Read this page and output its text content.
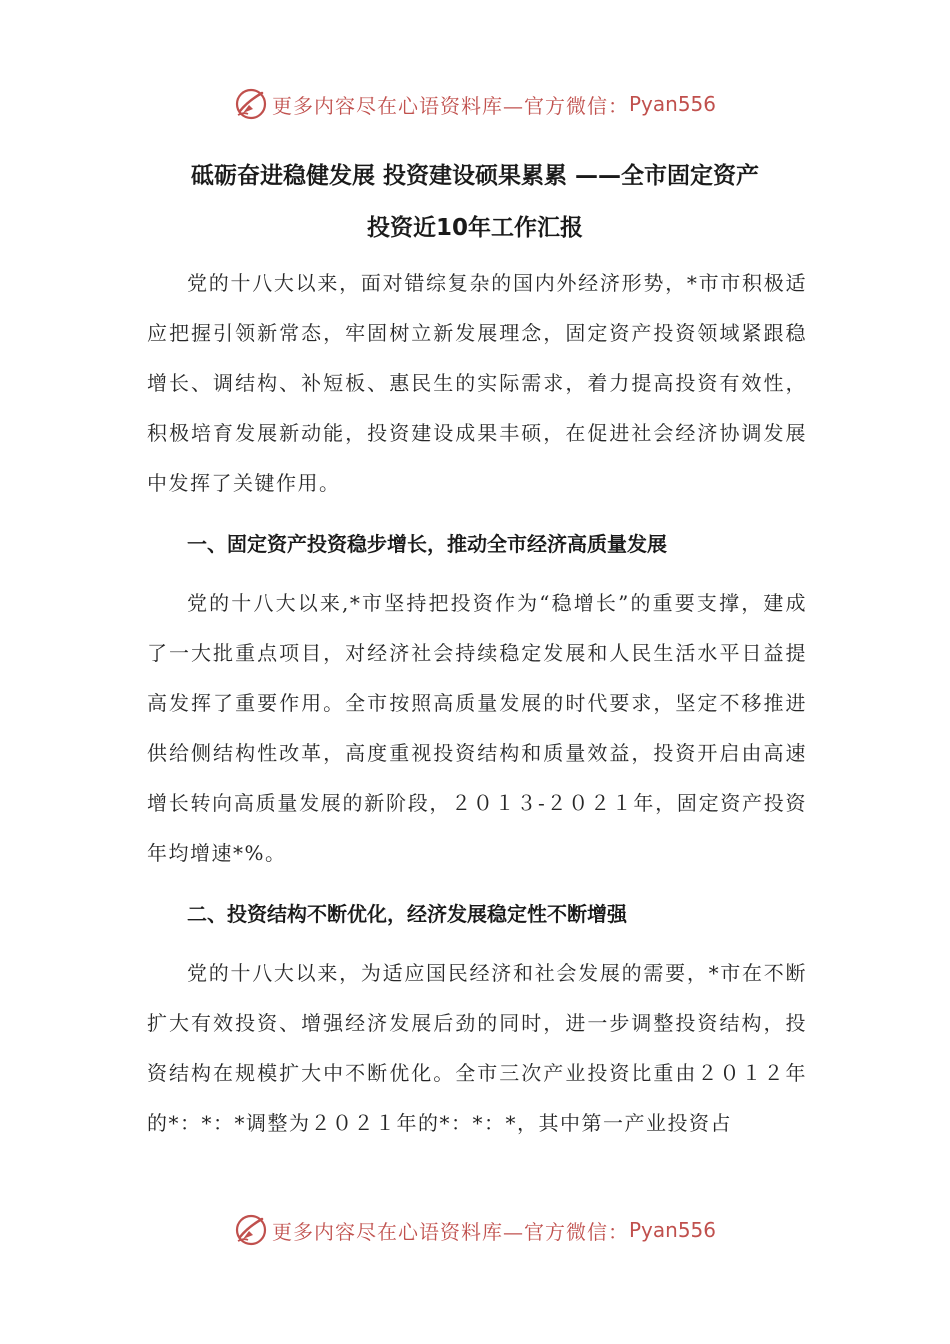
更多内容尽在心语资料库—官方微信： Pyan556
砥砺奋进稳健发展 投资建设硕果累累 ——全市固定资产
投资近10年工作汇报

党的十八大以来，面对错综复杂的国内外经济形势，*市市积极适应把握引领新常态，牢固树立新发展理念，固定资产投资领域紧跟稳增长、调结构、补短板、惠民生的实际需求，着力提高投资有效性，积极培育发展新动能，投资建设成果丰硕，在促进社会经济协调发展中发挥了关键作用。

一、固定资产投资稳步增长，推动全市经济高质量发展

党的十八大以来,*市坚持把投资作为“稳增长”的重要支撑，建成了一大批重点项目，对经济社会持续稳定发展和人民生活水平日益提高发挥了重要作用。全市按照高质量发展的时代要求，坚定不移推进供给侧结构性改革，高度重视投资结构和质量效益，投资开启由高速增长转向高质量发展的新阶段，２０１３-２０２１年，固定资产投资年均增速*%。

二、投资结构不断优化，经济发展稳定性不断增强

党的十八大以来，为适应国民经济和社会发展的需要，*市在不断扩大有效投资、增强经济发展后劲的同时，进一步调整投资结构，投资结构在规模扩大中不断优化。全市三次产业投资比重由２０１２年的*：*：*调整为２０２１年的*：*：*，其中第一产业投资占

更多内容尽在心语资料库—官方微信： Pyan556
